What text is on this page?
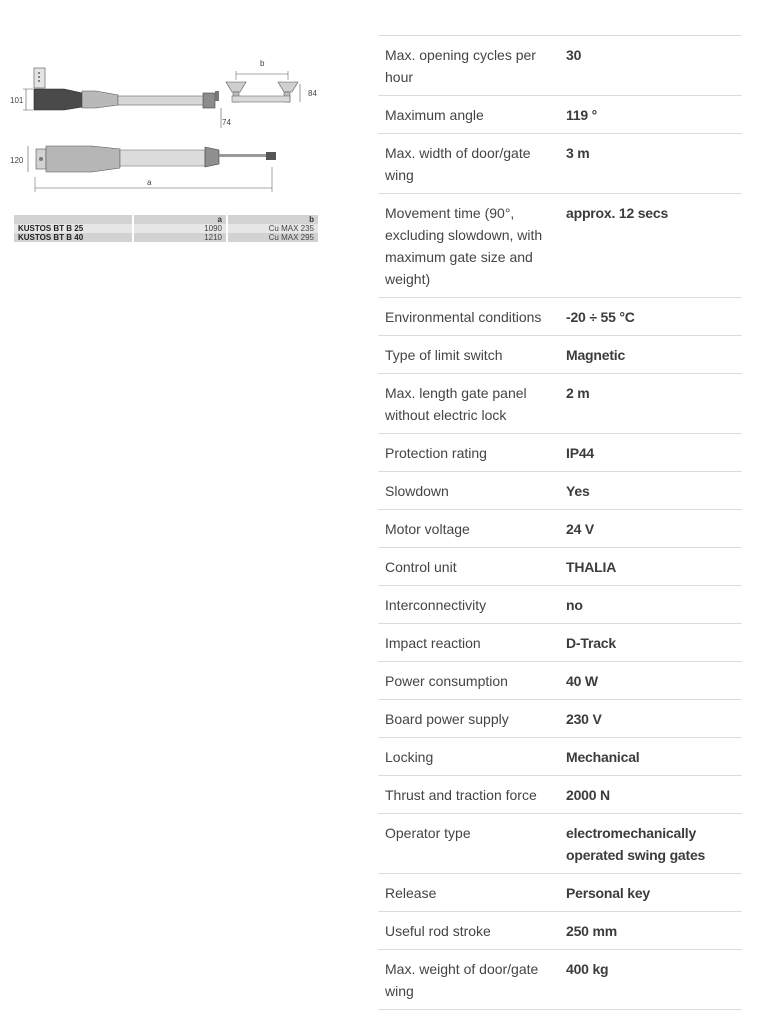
101
74
b
84
120
a
	a	b
KUSTOS BT B 25	1090	Cu MAX 235
KUSTOS BT B 40	1210	Cu MAX 295
Max. opening cycles per hour	30
Maximum angle	119 °
Max. width of door/gate wing	3 m
Movement time (90°, excluding slowdown, with maximum gate size and weight)	approx. 12 secs
Environmental conditions	-20 ÷ 55 °C
Type of limit switch	Magnetic
Max. length gate panel without electric lock	2 m
Protection rating	IP44
Slowdown	Yes
Motor voltage	24 V
Control unit	THALIA
Interconnectivity	no
Impact reaction	D-Track
Power consumption	40 W
Board power supply	230 V
Locking	Mechanical
Thrust and traction force	2000 N
Operator type	electromechanically operated swing gates
Release	Personal key
Useful rod stroke	250 mm
Max. weight of door/gate wing	400 kg
